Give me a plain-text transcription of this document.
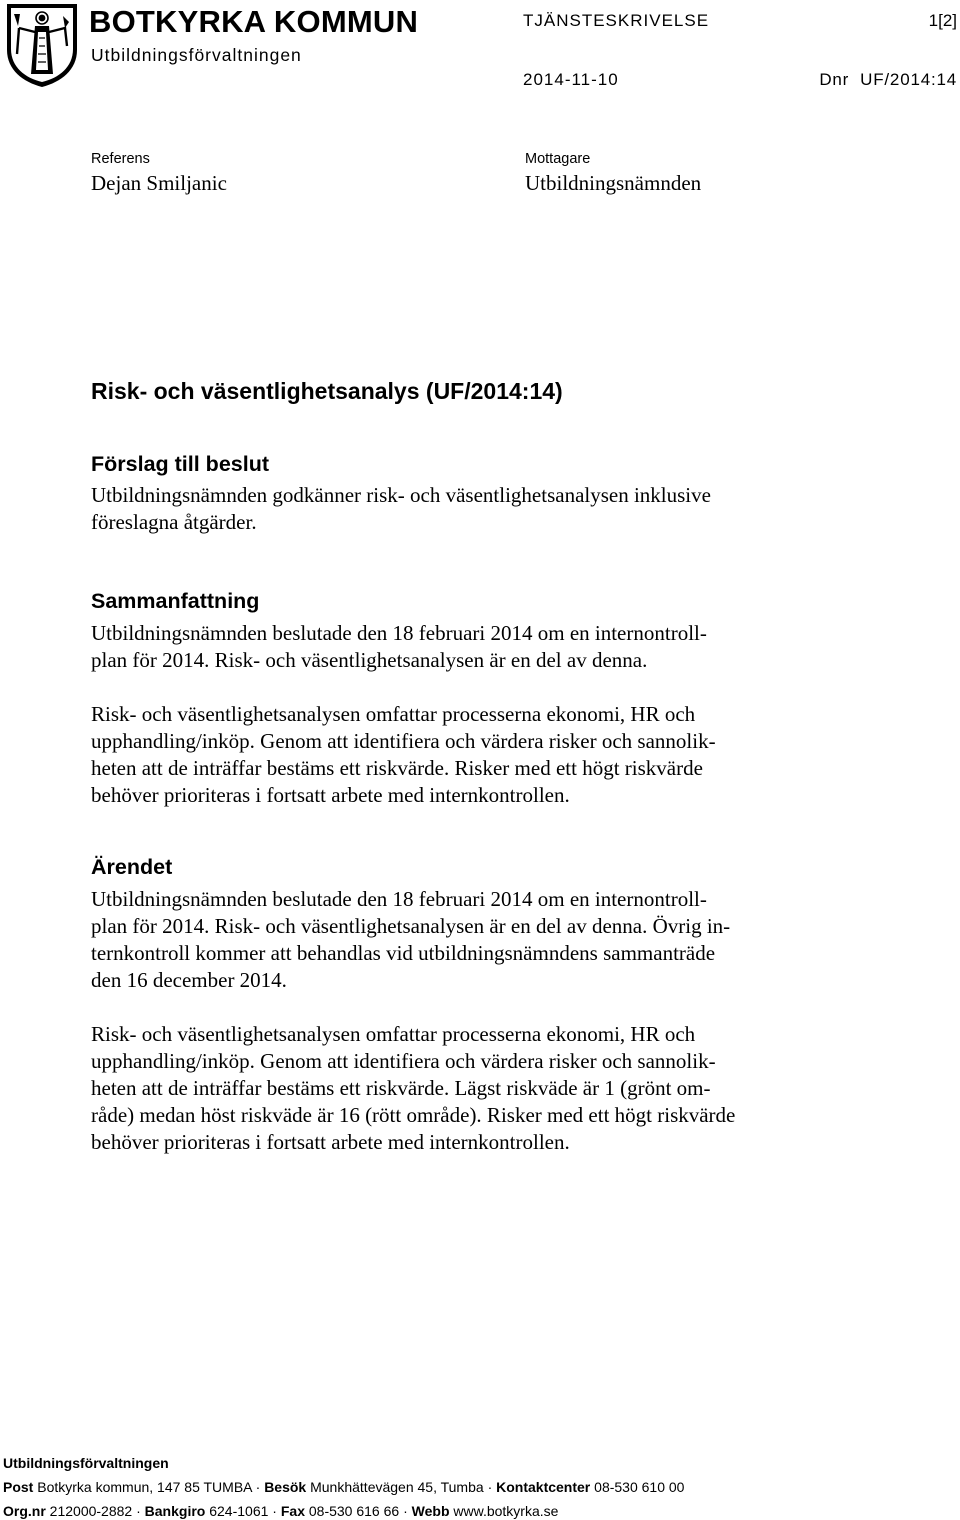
BOTKYRKA KOMMUN
Utbildningsförvaltningen
TJÄNSTESKRIVELSE	1[2]
2014-11-10	Dnr  UF/2014:14
Referens
Dejan Smiljanic
Mottagare
Utbildningsnämnden
Risk- och väsentlighetsanalys (UF/2014:14)
Förslag till beslut
Utbildningsnämnden godkänner risk- och väsentlighetsanalysen inklusive
föreslagna åtgärder.
Sammanfattning
Utbildningsnämnden beslutade den 18 februari 2014 om en internontroll-
plan för 2014. Risk- och väsentlighetsanalysen är en del av denna.
Risk- och väsentlighetsanalysen omfattar processerna ekonomi, HR och
upphandling/inköp. Genom att identifiera och värdera risker och sannolik-
heten att de inträffar bestäms ett riskvärde. Risker med ett högt riskvärde
behöver prioriteras i fortsatt arbete med internkontrollen.
Ärendet
Utbildningsnämnden beslutade den 18 februari 2014 om en internontroll-
plan för 2014. Risk- och väsentlighetsanalysen är en del av denna. Övrig in-
ternkontroll kommer att behandlas vid utbildningsnämndens sammanträde
den 16 december 2014.
Risk- och väsentlighetsanalysen omfattar processerna ekonomi, HR och
upphandling/inköp. Genom att identifiera och värdera risker och sannolik-
heten att de inträffar bestäms ett riskvärde. Lägst riskväde är 1 (grönt om-
råde) medan höst riskväde är 16 (rött område). Risker med ett högt riskvärde
behöver prioriteras i fortsatt arbete med internkontrollen.
Utbildningsförvaltningen
Post Botkyrka kommun, 147 85 TUMBA · Besök Munkhättevägen 45, Tumba · Kontaktcenter 08-530 610 00
Org.nr 212000-2882 · Bankgiro 624-1061 · Fax 08-530 616 66 · Webb www.botkyrka.se
